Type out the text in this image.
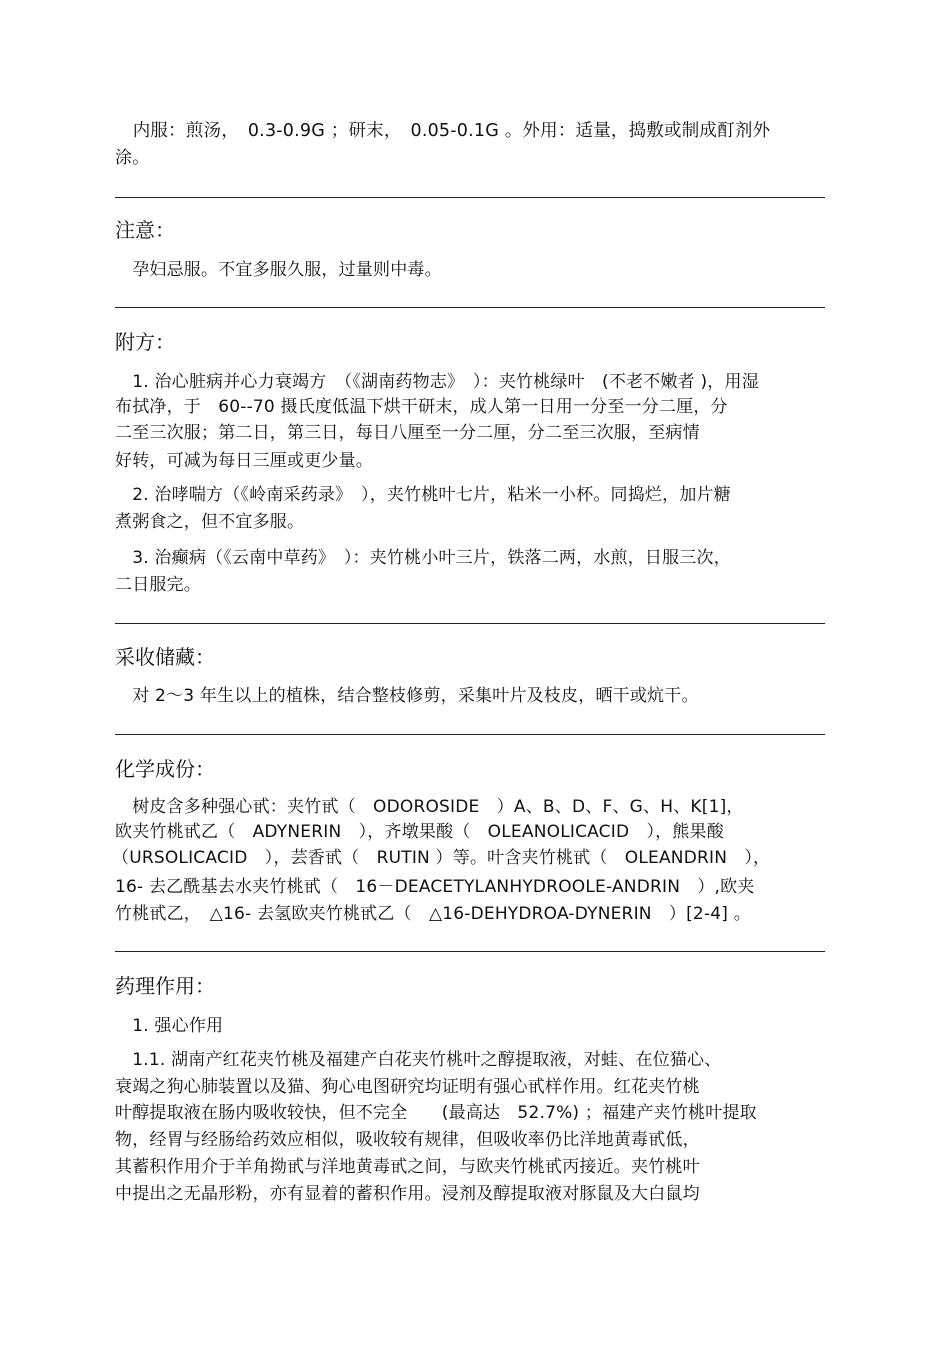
　内服：煎汤，　0.3-0.9G ；研末，　0.05-0.1G 。外用：适量，捣敷或制成酊剂外
涂。
注意：
　孕妇忌服。不宜多服久服，过量则中毒。
附方：
　1. 治心脏病并心力衰竭方　（《湖南药物志》　）：夹竹桃绿叶　(不老不嫩者 )，用湿
布拭净，于　60--70 摄氏度低温下烘干研末，成人第一日用一分至一分二厘，分
二至三次服；第二日，第三日，每日八厘至一分二厘，分二至三次服，至病情
好转，可减为每日三厘或更少量。
　2. 治哮喘方（《岭南采药录》　），夹竹桃叶七片，粘米一小杯。同捣烂，加片糖
煮粥食之，但不宜多服。
　3. 治癫病（《云南中草药》　）：夹竹桃小叶三片，铁落二两，水煎，日服三次，
二日服完。
采收储藏：
　对 2～3 年生以上的植株，结合整枝修剪，采集叶片及枝皮，晒干或炕干。
化学成份：
　树皮含多种强心甙：夹竹甙（　ODOROSIDE　）A、B、D、F、G、H、K[1]，
欧夹竹桃甙乙（　ADYNERIN　），齐墩果酸（　OLEANOLICACID　），熊果酸
（URSOLICACID　），芸香甙（　RUTIN ）等。叶含夹竹桃甙（　OLEANDRIN　），
16- 去乙酰基去水夹竹桃甙（　16－DEACETYLANHYDROOLE-ANDRIN　）,欧夹
竹桃甙乙，　△16- 去氢欧夹竹桃甙乙（　△16-DEHYDROA-DYNERIN　）[2-4] 。
药理作用：
　1. 强心作用
　1.1. 湖南产红花夹竹桃及福建产白花夹竹桃叶之醇提取液，对蛙、在位猫心、
衰竭之狗心肺装置以及猫、狗心电图研究均证明有强心甙样作用。红花夹竹桃
叶醇提取液在肠内吸收较快，但不完全　　(最高达　52.7%) ；福建产夹竹桃叶提取
物，经胃与经肠给药效应相似，吸收较有规律，但吸收率仍比洋地黄毒甙低，
其蓄积作用介于羊角拗甙与洋地黄毒甙之间，与欧夹竹桃甙丙接近。夹竹桃叶
中提出之无晶形粉，亦有显着的蓄积作用。浸剂及醇提取液对豚鼠及大白鼠均
